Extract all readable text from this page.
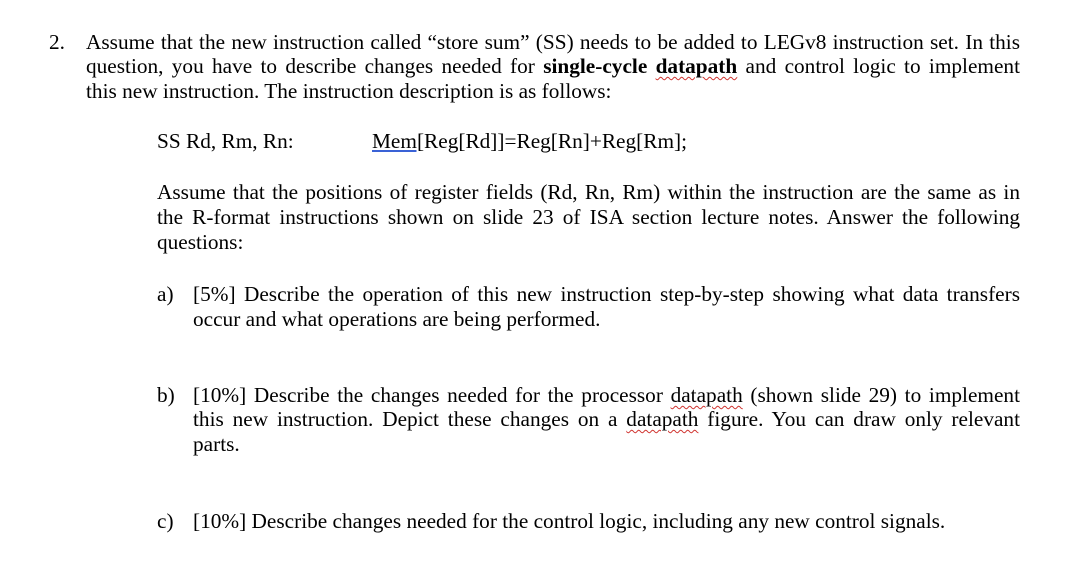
2. Assume that the new instruction called “store sum” (SS) needs to be added to LEGv8 instruction set. In this
question, you have to describe changes needed for single-cycle datapath and control logic to implement
this new instruction. The instruction description is as follows:
SS Rd, Rm, Rn:	Mem[Reg[Rd]]=Reg[Rn]+Reg[Rm];
Assume that the positions of register fields (Rd, Rn, Rm) within the instruction are the same as in
the R-format instructions shown on slide 23 of ISA section lecture notes. Answer the following
questions:
a) [5%] Describe the operation of this new instruction step-by-step showing what data transfers
occur and what operations are being performed.
b) [10%] Describe the changes needed for the processor datapath (shown slide 29) to implement
this new instruction. Depict these changes on a datapath figure. You can draw only relevant
parts.
c) [10%] Describe changes needed for the control logic, including any new control signals.
